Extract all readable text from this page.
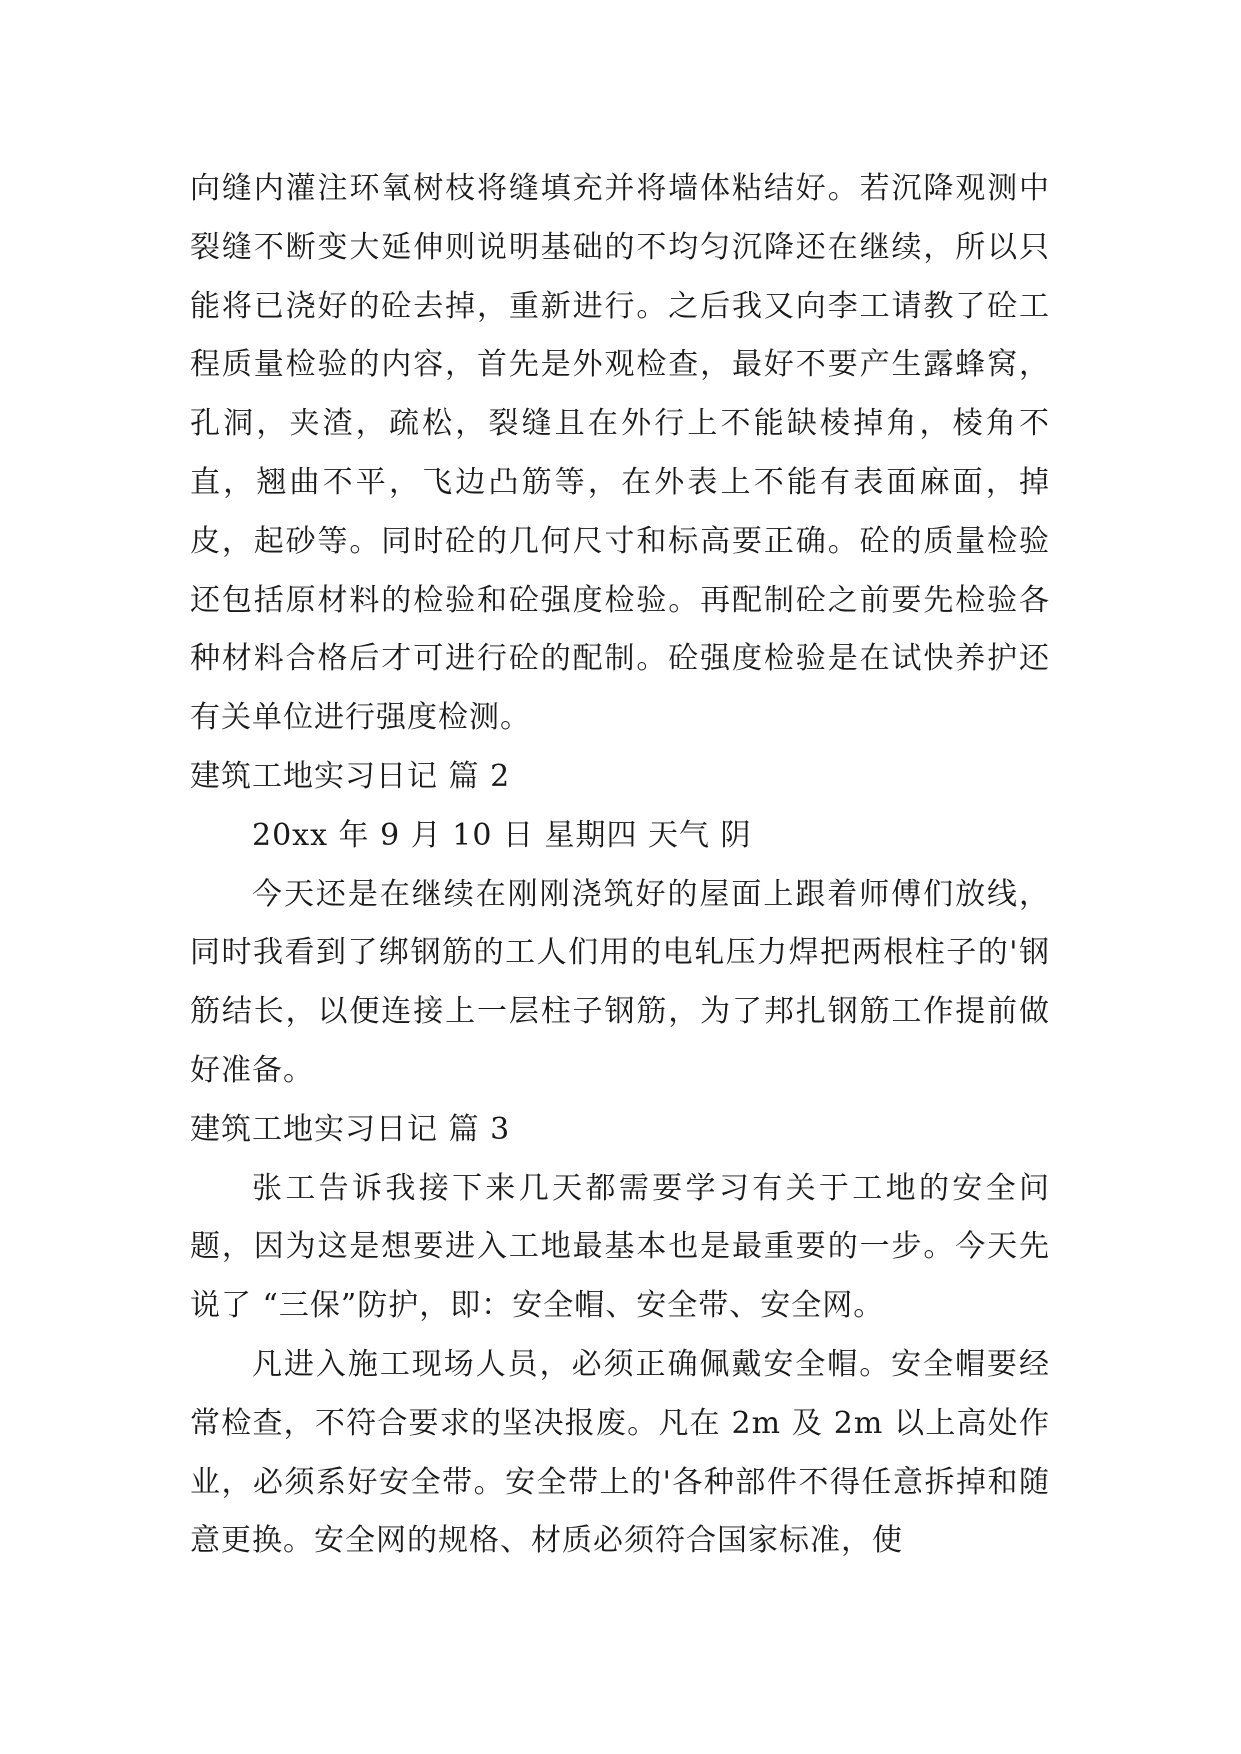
向缝内灌注环氧树枝将缝填充并将墙体粘结好。若沉降观测中裂缝不断变大延伸则说明基础的不均匀沉降还在继续，所以只能将已浇好的砼去掉，重新进行。之后我又向李工请教了砼工程质量检验的内容，首先是外观检查，最好不要产生露蜂窝，孔洞，夹渣，疏松，裂缝且在外行上不能缺棱掉角，棱角不直，翘曲不平，飞边凸筋等，在外表上不能有表面麻面，掉皮，起砂等。同时砼的几何尺寸和标高要正确。砼的质量检验还包括原材料的检验和砼强度检验。再配制砼之前要先检验各种材料合格后才可进行砼的配制。砼强度检验是在试快养护还有关单位进行强度检测。

建筑工地实习日记 篇 2

20xx 年 9 月 10 日 星期四 天气 阴

今天还是在继续在刚刚浇筑好的屋面上跟着师傅们放线，同时我看到了绑钢筋的工人们用的电轧压力焊把两根柱子的'钢筋结长，以便连接上一层柱子钢筋，为了邦扎钢筋工作提前做好准备。

建筑工地实习日记 篇 3

张工告诉我接下来几天都需要学习有关于工地的安全问题，因为这是想要进入工地最基本也是最重要的一步。今天先说了 “三保”防护，即：安全帽、安全带、安全网。

凡进入施工现场人员，必须正确佩戴安全帽。安全帽要经常检查，不符合要求的坚决报废。凡在 2m 及 2m 以上高处作业，必须系好安全带。安全带上的'各种部件不得任意拆掉和随意更换。安全网的规格、材质必须符合国家标准，使
